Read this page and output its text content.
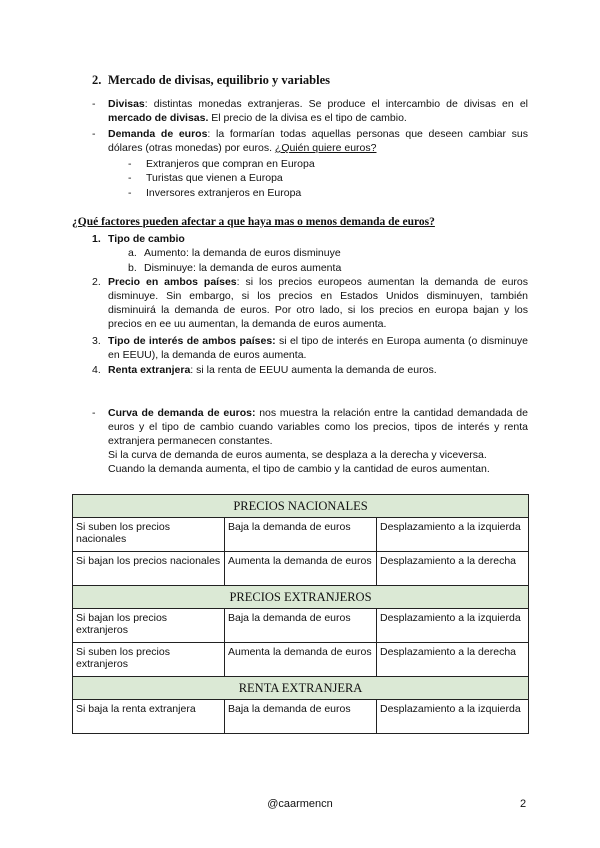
2. Mercado de divisas, equilibrio y variables
-	Divisas: distintas monedas extranjeras. Se produce el intercambio de divisas en el mercado de divisas. El precio de la divisa es el tipo de cambio.
-	Demanda de euros: la formarían todas aquellas personas que deseen cambiar sus dólares (otras monedas) por euros. ¿Quién quiere euros?
- Extranjeros que compran en Europa
- Turistas que vienen a Europa
- Inversores extranjeros en Europa
¿Qué factores pueden afectar a que haya mas o menos demanda de euros?
1. Tipo de cambio
a. Aumento: la demanda de euros disminuye
b. Disminuye: la demanda de euros aumenta
2. Precio en ambos países: si los precios europeos aumentan la demanda de euros disminuye. Sin embargo, si los precios en Estados Unidos disminuyen, también disminuirá la demanda de euros. Por otro lado, si los precios en europa bajan y los precios en ee uu aumentan, la demanda de euros aumenta.
3. Tipo de interés de ambos países: si el tipo de interés en Europa aumenta (o disminuye en EEUU), la demanda de euros aumenta.
4. Renta extranjera: si la renta de EEUU aumenta la demanda de euros.
-	Curva de demanda de euros: nos muestra la relación entre la cantidad demandada de euros y el tipo de cambio cuando variables como los precios, tipos de interés y renta extranjera permanecen constantes.
Si la curva de demanda de euros aumenta, se desplaza a la derecha y viceversa.
Cuando la demanda aumenta, el tipo de cambio y la cantidad de euros aumentan.
PRECIOS NACIONALES		
Si suben los precios nacionales	Baja la demanda de euros	Desplazamiento a la izquierda
Si bajan los precios nacionales	Aumenta la demanda de euros	Desplazamiento a la derecha
PRECIOS EXTRANJEROS		
Si bajan los precios extranjeros	Baja la demanda de euros	Desplazamiento a la izquierda
Si suben los precios extranjeros	Aumenta la demanda de euros	Desplazamiento a la derecha
RENTA EXTRANJERA		
Si baja la renta extranjera	Baja la demanda de euros	Desplazamiento a la izquierda
@caarmencn	2
